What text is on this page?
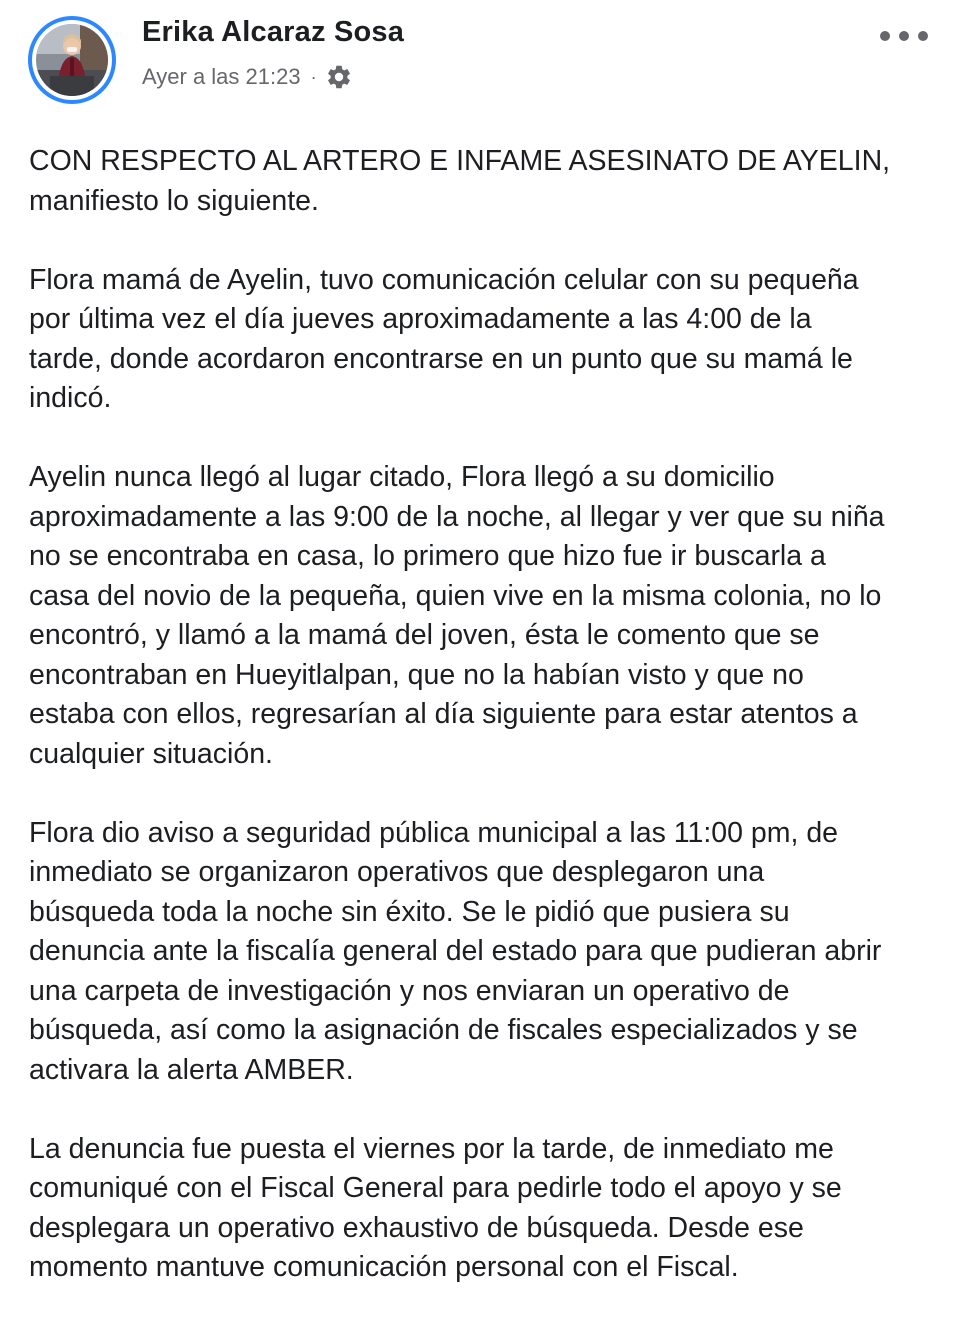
Erika Alcaraz Sosa
Ayer a las 21:23 ·

CON RESPECTO AL ARTERO E INFAME ASESINATO DE AYELIN,
manifiesto lo siguiente.

Flora mamá de Ayelin, tuvo comunicación celular con su pequeña
por última vez el día jueves aproximadamente a las 4:00 de la
tarde, donde acordaron encontrarse en un punto que su mamá le
indicó.

Ayelin nunca llegó al lugar citado, Flora llegó a su domicilio
aproximadamente a las 9:00 de la noche, al llegar y ver que su niña
no se encontraba en casa, lo primero que hizo fue ir buscarla a
casa del novio de la pequeña, quien vive en la misma colonia, no lo
encontró, y llamó a la mamá del joven, ésta le comento que se
encontraban en Hueyitlalpan, que no la habían visto y que no
estaba con ellos, regresarían al día siguiente para estar atentos a
cualquier situación.

Flora dio aviso a seguridad pública municipal a las 11:00 pm, de
inmediato se organizaron operativos que desplegaron una
búsqueda toda la noche sin éxito. Se le pidió que pusiera su
denuncia ante la fiscalía general del estado para que pudieran abrir
una carpeta de investigación y nos enviaran un operativo de
búsqueda, así como la asignación de fiscales especializados y se
activara la alerta AMBER.

La denuncia fue puesta el viernes por la tarde, de inmediato me
comuniqué con el Fiscal General para pedirle todo el apoyo y se
desplegara un operativo exhaustivo de búsqueda. Desde ese
momento mantuve comunicación personal con el Fiscal.
